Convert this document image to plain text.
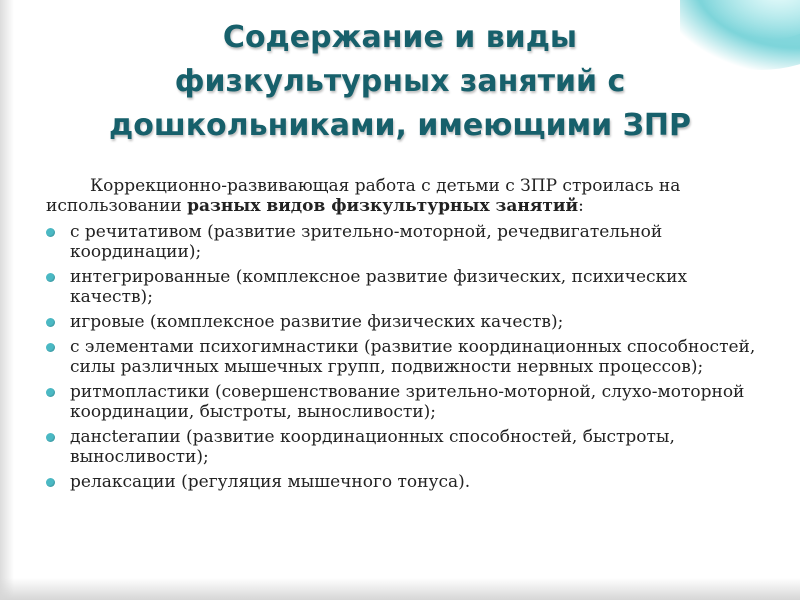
Содержание и виды
физкультурных занятий с
дошкольниками, имеющими ЗПР

Коррекционно-развивающая работа с детьми с ЗПР строилась на использовании разных видов физкультурных занятий:

с речитативом (развитие зрительно-моторной, речедвигательной координации);
интегрированные (комплексное развитие физических, психических качеств);
игровые (комплексное развитие физических качеств);
с элементами психогимнастики (развитие координационных способностей, силы различных мышечных групп, подвижности нервных процессов);
ритмопластики (совершенствование зрительно-моторной, слухо-моторной координации, быстроты, выносливости);
дансterапии (развитие координационных способностей, быстроты, выносливости);
релаксации (регуляция мышечного тонуса).
